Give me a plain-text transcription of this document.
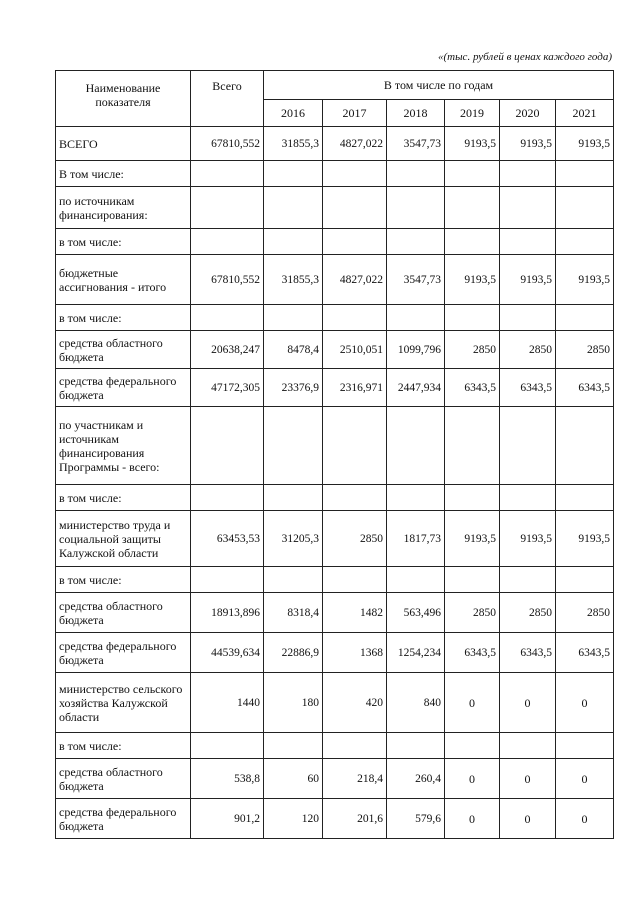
«(тыс. рублей в ценах каждого года)
Наименование показателя	Всего	В том числе по годам					
		2016	2017	2018	2019	2020	2021
ВСЕГО	67810,552	31855,3	4827,022	3547,73	9193,5	9193,5	9193,5
В том числе:							
по источникам финансирования:							
в том числе:							
бюджетные ассигнования - итого	67810,552	31855,3	4827,022	3547,73	9193,5	9193,5	9193,5
в том числе:							
средства областного бюджета	20638,247	8478,4	2510,051	1099,796	2850	2850	2850
средства федерального бюджета	47172,305	23376,9	2316,971	2447,934	6343,5	6343,5	6343,5
по участникам и источникам финансирования Программы - всего:							
в том числе:							
министерство труда и социальной защиты Калужской области	63453,53	31205,3	2850	1817,73	9193,5	9193,5	9193,5
в том числе:							
средства областного бюджета	18913,896	8318,4	1482	563,496	2850	2850	2850
средства федерального бюджета	44539,634	22886,9	1368	1254,234	6343,5	6343,5	6343,5
министерство сельского хозяйства Калужской области	1440	180	420	840	0	0	0
в том числе:							
средства областного бюджета	538,8	60	218,4	260,4	0	0	0
средства федерального бюджета	901,2	120	201,6	579,6	0	0	0
